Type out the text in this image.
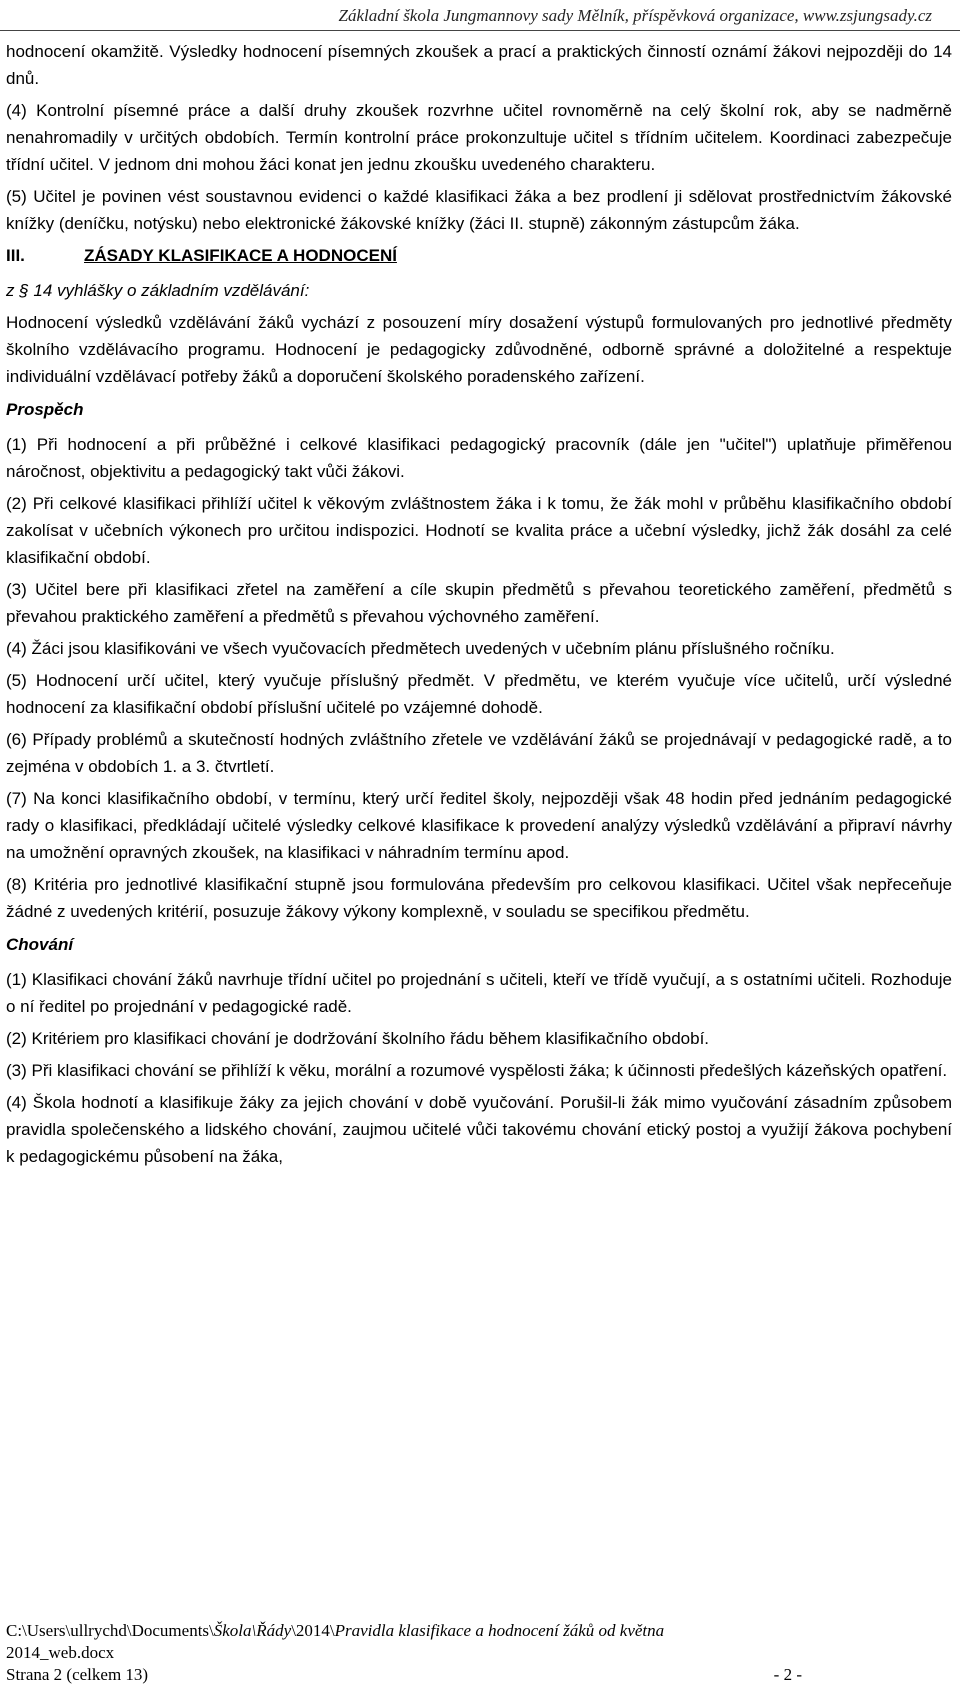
Základní škola Jungmannovy sady Mělník, příspěvková organizace, www.zsjungsady.cz

hodnocení okamžitě. Výsledky hodnocení písemných zkoušek a prací a praktických činností oznámí žákovi nejpozději do 14 dnů.

(4) Kontrolní písemné práce a další druhy zkoušek rozvrhne učitel rovnoměrně na celý školní rok, aby se nadměrně nenahromadily v určitých obdobích. Termín kontrolní práce prokonzultuje učitel s třídním učitelem. Koordinaci zabezpečuje třídní učitel. V jednom dni mohou žáci konat jen jednu zkoušku uvedeného charakteru.

(5) Učitel je povinen vést soustavnou evidenci o každé klasifikaci žáka a bez prodlení ji sdělovat prostřednictvím žákovské knížky (deníčku, notýsku) nebo elektronické žákovské knížky (žáci II. stupně) zákonným zástupcům žáka.

III.	ZÁSADY KLASIFIKACE A HODNOCENÍ

z § 14 vyhlášky o základním vzdělávání:

Hodnocení výsledků vzdělávání žáků vychází z posouzení míry dosažení výstupů formulovaných pro jednotlivé předměty školního vzdělávacího programu. Hodnocení je pedagogicky zdůvodněné, odborně správné a doložitelné a respektuje individuální vzdělávací potřeby žáků a doporučení školského poradenského zařízení.

Prospěch

(1) Při hodnocení a při průběžné i celkové klasifikaci pedagogický pracovník (dále jen "učitel") uplatňuje přiměřenou náročnost, objektivitu a pedagogický takt vůči žákovi.

(2) Při celkové klasifikaci přihlíží učitel k věkovým zvláštnostem žáka i k tomu, že žák mohl v průběhu klasifikačního období zakolísat v učebních výkonech pro určitou indispozici. Hodnotí se kvalita práce a učební výsledky, jichž žák dosáhl za celé klasifikační období.

(3) Učitel bere při klasifikaci zřetel na zaměření a cíle skupin předmětů s převahou teoretického zaměření, předmětů s převahou praktického zaměření a předmětů s převahou výchovného zaměření.

(4) Žáci jsou klasifikováni ve všech vyučovacích předmětech uvedených v učebním plánu příslušného ročníku.

(5) Hodnocení určí učitel, který vyučuje příslušný předmět. V předmětu, ve kterém vyučuje více učitelů, určí výsledné hodnocení za klasifikační období příslušní učitelé po vzájemné dohodě.

(6) Případy problémů a skutečností hodných zvláštního zřetele ve vzdělávání žáků se projednávají v pedagogické radě, a to zejména v obdobích 1. a 3. čtvrtletí.

(7) Na konci klasifikačního období, v termínu, který určí ředitel školy, nejpozději však 48 hodin před jednáním pedagogické rady o klasifikaci, předkládají učitelé výsledky celkové klasifikace k provedení analýzy výsledků vzdělávání a připraví návrhy na umožnění opravných zkoušek, na klasifikaci v náhradním termínu apod.

(8) Kritéria pro jednotlivé klasifikační stupně jsou formulována především pro celkovou klasifikaci. Učitel však nepřeceňuje žádné z uvedených kritérií, posuzuje žákovy výkony komplexně, v souladu se specifikou předmětu.

Chování

(1) Klasifikaci chování žáků navrhuje třídní učitel po projednání s učiteli, kteří ve třídě vyučují, a s ostatními učiteli. Rozhoduje o ní ředitel po projednání v pedagogické radě.

(2) Kritériem pro klasifikaci chování je dodržování školního řádu během klasifikačního období.

(3) Při klasifikaci chování se přihlíží k věku, morální a rozumové vyspělosti žáka; k účinnosti předešlých kázeňských opatření.

(4) Škola hodnotí a klasifikuje žáky za jejich chování v době vyučování. Porušil-li žák mimo vyučování zásadním způsobem pravidla společenského a lidského chování, zaujmou učitelé vůči takovému chování etický postoj a využijí žákova pochybení k pedagogickému působení na žáka,

C:\Users\ullrychd\Documents\Škola\Řády\2014\Pravidla klasifikace a hodnocení žáků od května
2014_web.docx
Strana 2 (celkem 13)	- 2 -
